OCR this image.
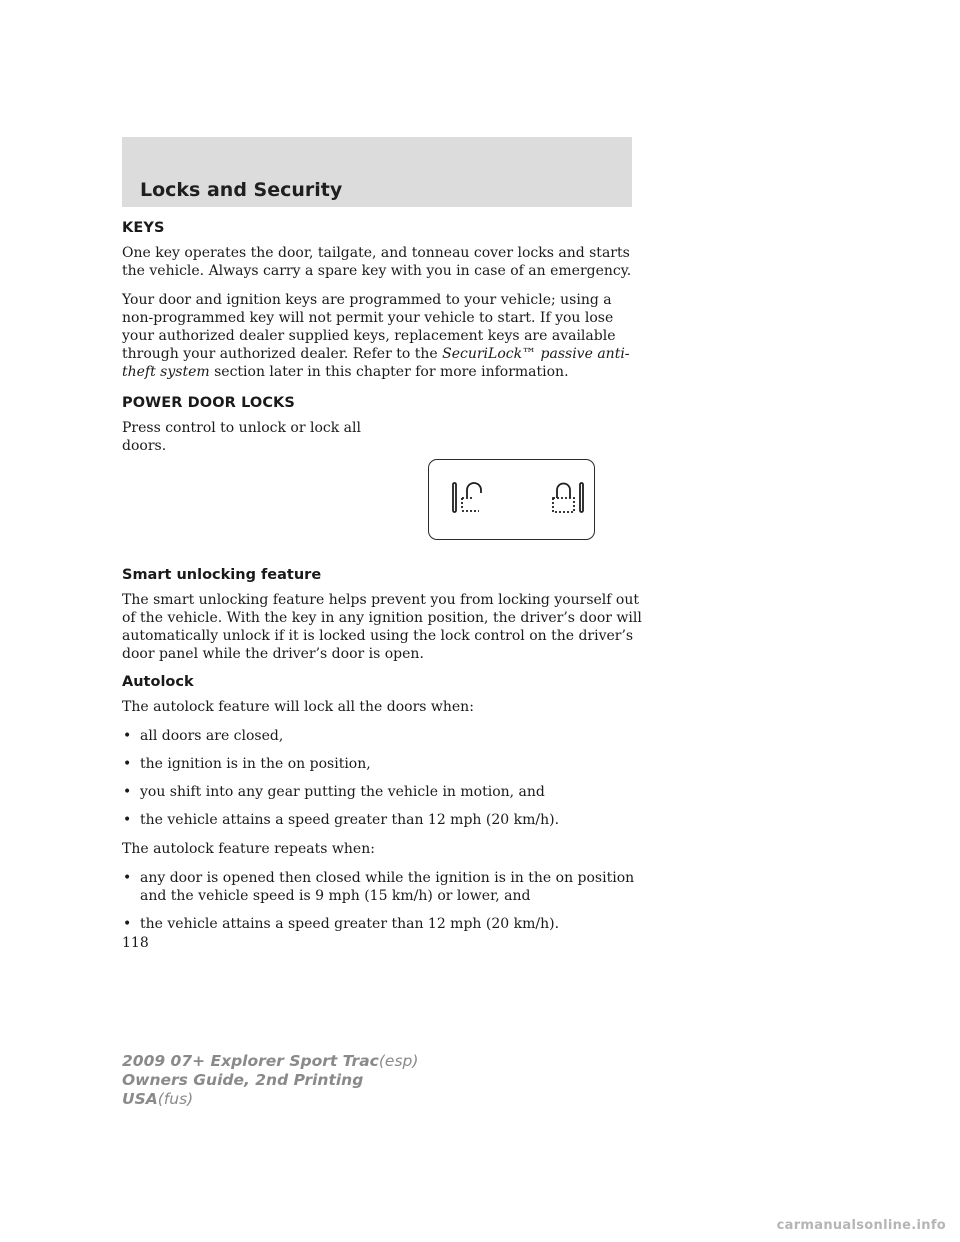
Locks and Security
KEYS

One key operates the door, tailgate, and tonneau cover locks and starts the vehicle. Always carry a spare key with you in case of an emergency.

Your door and ignition keys are programmed to your vehicle; using a non-programmed key will not permit your vehicle to start. If you lose your authorized dealer supplied keys, replacement keys are available through your authorized dealer. Refer to the SecuriLock™ passive anti-theft system section later in this chapter for more information.

POWER DOOR LOCKS

Press control to unlock or lock all doors.

Smart unlocking feature

The smart unlocking feature helps prevent you from locking yourself out of the vehicle. With the key in any ignition position, the driver’s door will automatically unlock if it is locked using the lock control on the driver’s door panel while the driver’s door is open.

Autolock

The autolock feature will lock all the doors when:

• all doors are closed,
• the ignition is in the on position,
• you shift into any gear putting the vehicle in motion, and
• the vehicle attains a speed greater than 12 mph (20 km/h).

The autolock feature repeats when:

• any door is opened then closed while the ignition is in the on position and the vehicle speed is 9 mph (15 km/h) or lower, and
• the vehicle attains a speed greater than 12 mph (20 km/h).

118

2009 07+ Explorer Sport Trac(esp)
Owners Guide, 2nd Printing
USA(fus)
carmanualsonline.info
